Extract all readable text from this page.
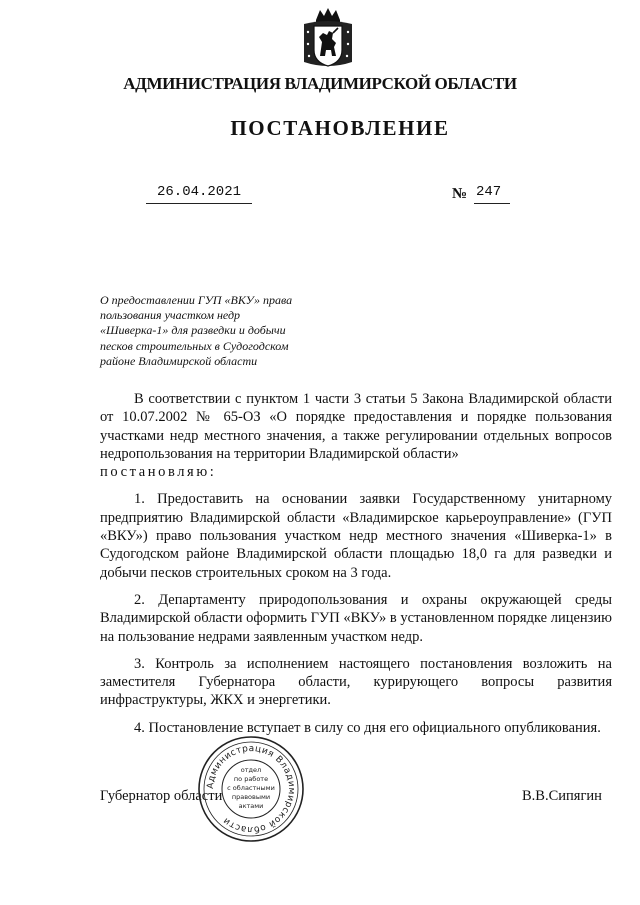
АДМИНИСТРАЦИЯ ВЛАДИМИРСКОЙ ОБЛАСТИ
ПОСТАНОВЛЕНИЕ
26.04.2021	№ 247
О предоставлении ГУП «ВКУ» права
пользования участком недр
«Шиверка-1» для разведки и добычи
песков строительных в Судогодском
районе Владимирской области

В соответствии с пунктом 1 части 3 статьи 5 Закона Владимирской области от 10.07.2002 № 65-ОЗ «О порядке предоставления и порядке пользования участками недр местного значения, а также регулировании отдельных вопросов недропользования на территории Владимирской области»

постановляю:

1. Предоставить на основании заявки Государственному унитарному предприятию Владимирской области «Владимирское карьероуправление» (ГУП «ВКУ») право пользования участком недр местного значения «Шиверка-1» в Судогодском районе Владимирской области площадью 18,0 га для разведки и добычи песков строительных сроком на 3 года.

2. Департаменту природопользования и охраны окружающей среды Владимирской области оформить ГУП «ВКУ» в установленном порядке лицензию на пользование недрами заявленным участком недр.

3. Контроль за исполнением настоящего постановления возложить на заместителя Губернатора области, курирующего вопросы развития инфраструктуры, ЖКХ и энергетики.

4. Постановление вступает в силу со дня его официального опубликования.

Губернатор области	В.В.Сипягин
Администрация Владимирской области
отдел
по работе
с областными
правовыми
актами
